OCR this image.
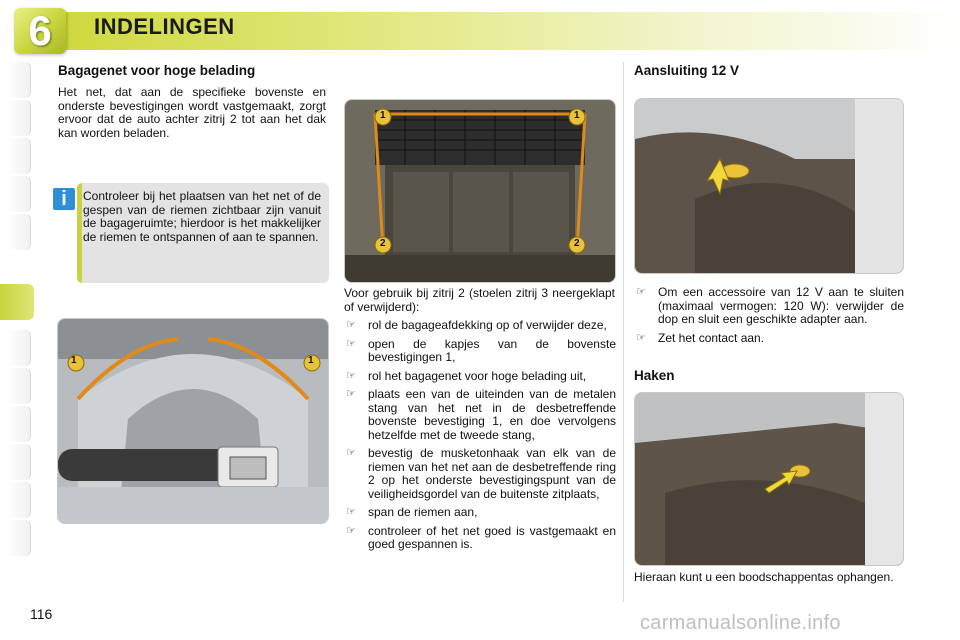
6	INDELINGEN
Bagagenet voor hoge belading
Het net, dat aan de specifieke bovenste en onderste bevestigingen wordt vastgemaakt, zorgt ervoor dat de auto achter zitrij 2 tot aan het dak kan worden beladen.
i	Controleer bij het plaatsen van het net of de gespen van de riemen zichtbaar zijn vanuit de bagageruimte; hierdoor is het makkelijker de riemen te ontspannen of aan te spannen.
1	1
1	1
2	2
Voor gebruik bij zitrij 2 (stoelen zitrij 3 neergeklapt of verwijderd):
☞ rol de bagageafdekking op of verwijder deze,
☞ open de kapjes van de bovenste bevestigingen 1,
☞ rol het bagagenet voor hoge belading uit,
☞ plaats een van de uiteinden van de metalen stang van het net in de desbetreffende bovenste bevestiging 1, en doe vervolgens hetzelfde met de tweede stang,
☞ bevestig de musketonhaak van elk van de riemen van het net aan de desbetreffende ring 2 op het onderste bevestigingspunt van de veiligheidsgordel van de buitenste zitplaats,
☞ span de riemen aan,
☞ controleer of het net goed is vastgemaakt en goed gespannen is.
Aansluiting 12 V
☞ Om een accessoire van 12 V aan te sluiten (maximaal vermogen: 120 W): verwijder de dop en sluit een geschikte adapter aan.
☞ Zet het contact aan.
Haken
Hieraan kunt u een boodschappentas ophangen.
116	carmanualsonline.info
